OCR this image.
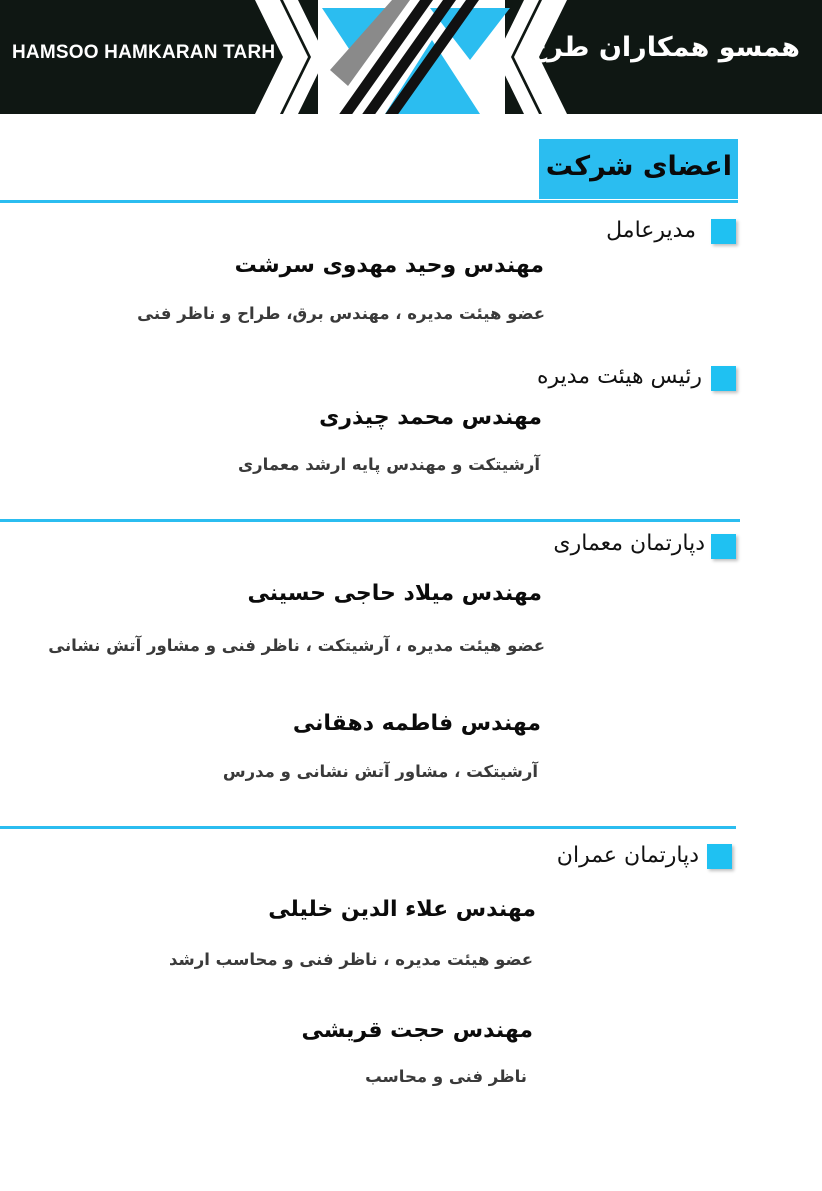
HAMSOO HAMKARAN TARH	همسو همکاران طرح
اعضای شرکت
مدیرعامل
مهندس وحید مهدوی سرشت
عضو هیئت مدیره ، مهندس برق، طراح و ناظر فنی
رئیس هیئت مدیره
مهندس محمد چیذری
آرشیتکت و مهندس پایه ارشد معماری
دپارتمان معماری
مهندس میلاد حاجی حسینی
عضو هیئت مدیره ، آرشیتکت ، ناظر فنی و مشاور آتش نشانی
مهندس فاطمه دهقانی
آرشیتکت ، مشاور آتش نشانی و مدرس
دپارتمان عمران
مهندس علاء الدین خلیلی
عضو هیئت مدیره ، ناظر فنی و محاسب ارشد
مهندس حجت قریشی
ناظر فنی و محاسب
